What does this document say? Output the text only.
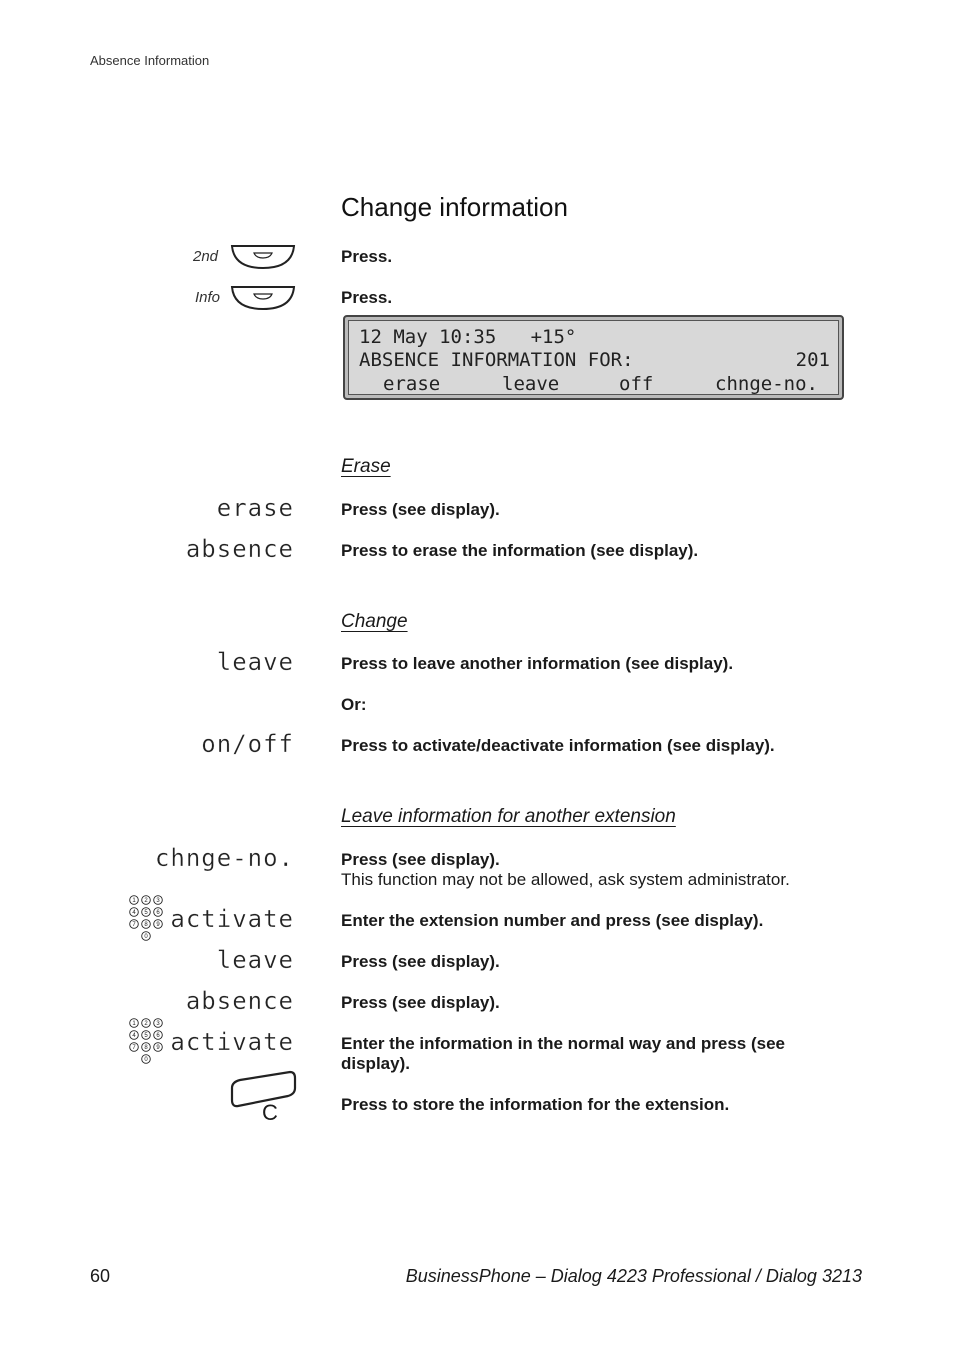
Absence Information
Change information
2nd	Press.
Info	Press.
12 May 10:35   +15°
ABSENCE INFORMATION FOR:	201
erase	leave	off	chnge-no.
Erase
erase	Press (see display).
absence	Press to erase the information (see display).
Change
leave	Press to leave another information (see display).
Or:
on/off	Press to activate/deactivate information (see display).
Leave information for another extension
chnge-no.	Press (see display).
This function may not be allowed, ask system administrator.
1 2 3
4 5 6
7 8 9
0
activate	Enter the extension number and press (see display).
leave	Press (see display).
absence	Press (see display).
1 2 3
4 5 6
7 8 9
0
activate	Enter the information in the normal way and press (see display).
C	Press to store the information for the extension.
60	BusinessPhone – Dialog 4223 Professional / Dialog 3213
